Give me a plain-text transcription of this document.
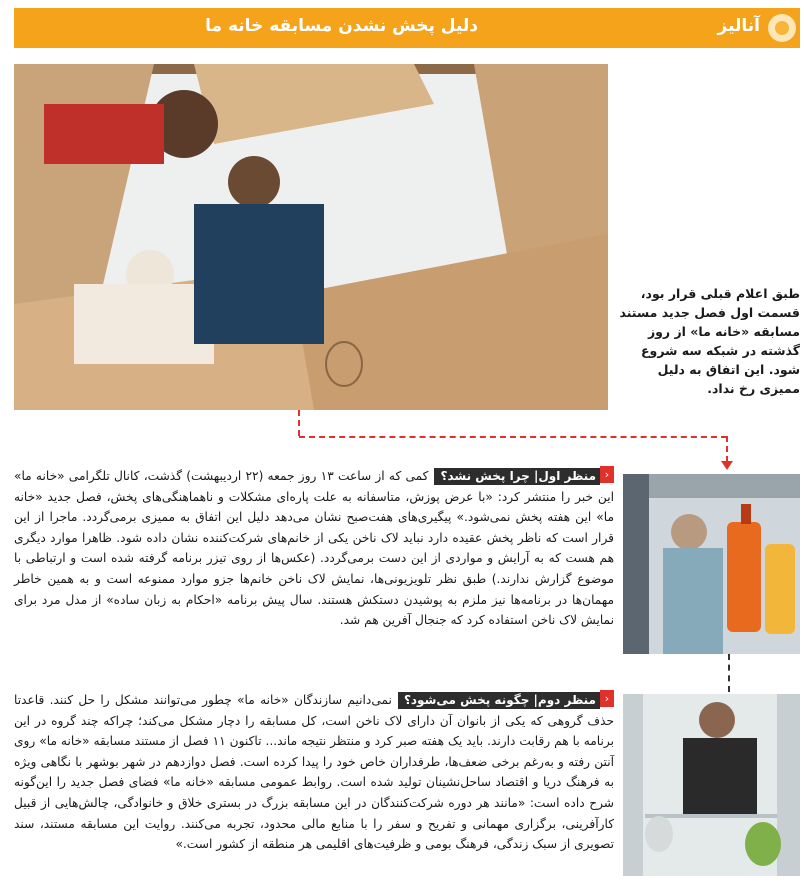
آنالیز
دلیل پخش نشدن مسابقه خانه ما
طبق اعلام قبلی قرار بود، قسمت اول فصل جدید مستند مسابقه «خانه ما» از روز گذشته در شبکه سه شروع شود. این اتفاق به دلیل ممیزی رخ نداد.
‹منظر اول| چرا پخش نشد؟کمی که از ساعت ۱۳ روز جمعه (۲۲ اردیبهشت) گذشت، کانال تلگرامی «خانه ما» این خبر را منتشر کرد: «با عرض پوزش، متاسفانه به علت پاره‌ای مشکلات و ناهماهنگی‌های پخش، فصل جدید «خانه ما» این هفته پخش نمی‌شود.» پیگیری‌های هفت‌صبح نشان می‌دهد دلیل این اتفاق به ممیزی برمی‌گردد. ماجرا از این قرار است که ناظر پخش عقیده دارد نباید لاک ناخن یکی از خانم‌های شرکت‌کننده نشان داده شود. ظاهرا موارد دیگری هم هست که به آرایش و مواردی از این دست برمی‌گردد. (عکس‌ها از روی تیزر برنامه گرفته شده است و ارتباطی با موضوع گزارش ندارند.) طبق نظر تلویزیونی‌ها، نمایش لاک ناخن خانم‌ها جزو موارد ممنوعه است و به همین خاطر مهمان‌ها در برنامه‌ها نیز ملزم به پوشیدن دستکش هستند. سال پیش برنامه «احکام به زبان ساده» از مدل مرد برای نمایش لاک ناخن استفاده کرد که جنجال آفرین هم شد.
‹منظر دوم| چگونه پخش می‌شود؟نمی‌دانیم سازندگان «خانه ما» چطور می‌توانند مشکل را حل کنند. قاعدتا حذف گروهی که یکی از بانوان آن دارای لاک ناخن است، کل مسابقه را دچار مشکل می‌کند؛ چراکه چند گروه در این برنامه با هم رقابت دارند. باید یک هفته صبر کرد و منتظر نتیجه ماند... تاکنون ۱۱ فصل از مستند مسابقه «خانه ما» روی آنتن رفته و به‌رغم برخی ضعف‌ها، طرفداران خاص خود را پیدا کرده است. فصل دوازدهم در شهر بوشهر با نگاهی ویژه به فرهنگ دریا و اقتصاد ساحل‌نشینان تولید شده است. روابط عمومی مسابقه «خانه ما» فضای فصل جدید را این‌گونه شرح داده است: «مانند هر دوره شرکت‌کنندگان در این مسابقه بزرگ در بستری خلاق و خانوادگی، چالش‌هایی از قبیل کارآفرینی، برگزاری مهمانی و تفریح و سفر را با منابع مالی محدود، تجربه می‌کنند. روایت این مسابقه مستند، سند تصویری از سبک زندگی، فرهنگ بومی و ظرفیت‌های اقلیمی هر منطقه از کشور است.»
